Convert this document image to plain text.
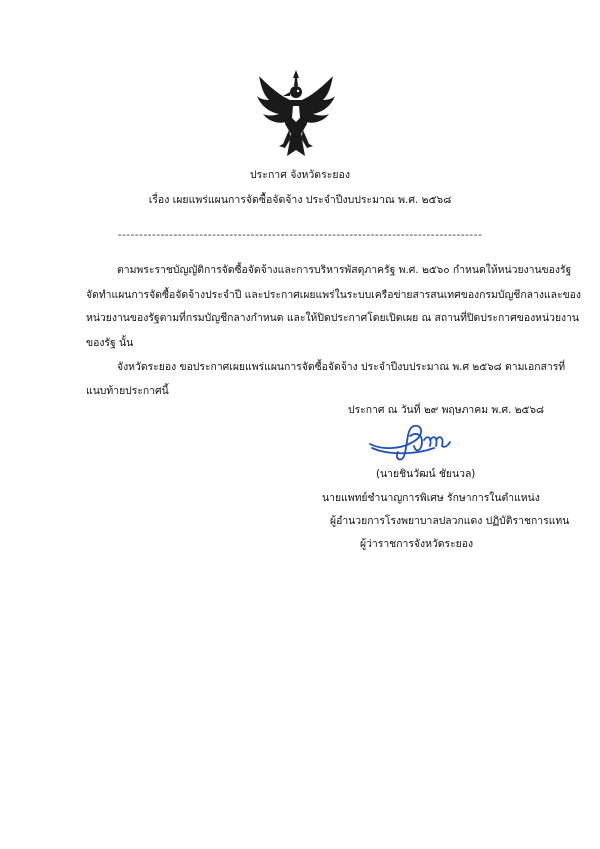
ประกาศ จังหวัดระยอง
เรื่อง เผยแพร่แผนการจัดซื้อจัดจ้าง ประจำปีงบประมาณ พ.ศ. ๒๕๖๘
-------------------------------------------------------------------------------------
ตามพระราชบัญญัติการจัดซื้อจัดจ้างและการบริหารพัสดุภาครัฐ พ.ศ. ๒๕๖๐ กำหนดให้หน่วยงานของรัฐ
จัดทำแผนการจัดซื้อจัดจ้างประจำปี และประกาศเผยแพร่ในระบบเครือข่ายสารสนเทศของกรมบัญชีกลางและของ
หน่วยงานของรัฐตามที่กรมบัญชีกลางกำหนด และให้ปิดประกาศโดยเปิดเผย ณ สถานที่ปิดประกาศของหน่วยงาน
ของรัฐ นั้น
จังหวัดระยอง ขอประกาศเผยแพร่แผนการจัดซื้อจัดจ้าง ประจำปีงบประมาณ พ.ศ ๒๕๖๘ ตามเอกสารที่
แนบท้ายประกาศนี้
ประกาศ ณ วันที่ ๒๙ พฤษภาคม พ.ศ. ๒๕๖๘
(นายชินวัฒน์ ชัยนวล)
นายแพทย์ชำนาญการพิเศษ รักษาการในตำแหน่ง
ผู้อำนวยการโรงพยาบาลปลวกแดง ปฏิบัติราชการแทน
ผู้ว่าราชการจังหวัดระยอง
